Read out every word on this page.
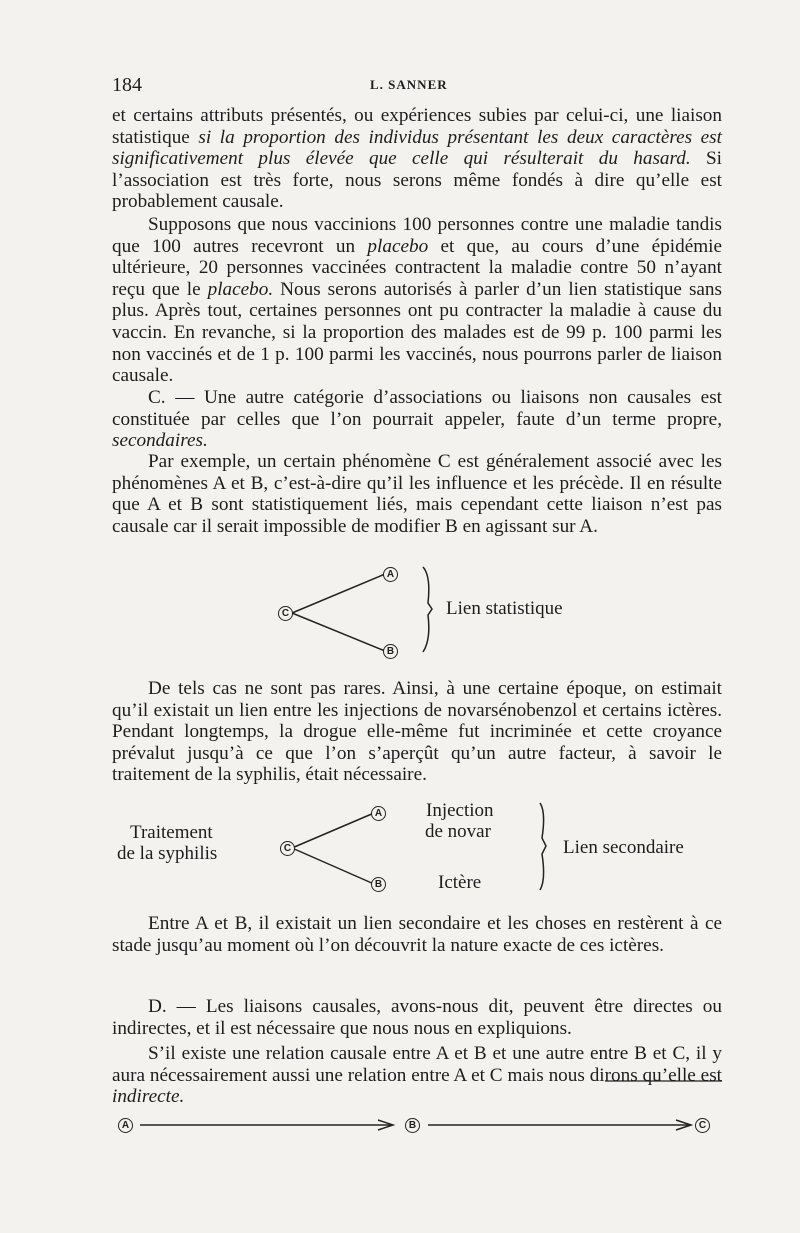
184	L. SANNER

et certains attributs présentés, ou expériences subies par celui-ci, une liaison statistique si la proportion des individus présentant les deux caractères est significativement plus élevée que celle qui résulterait du hasard. Si l’association est très forte, nous serons même fondés à dire qu’elle est probablement causale.

Supposons que nous vaccinions 100 personnes contre une maladie tandis que 100 autres recevront un placebo et que, au cours d’une épidémie ultérieure, 20 personnes vaccinées contractent la maladie contre 50 n’ayant reçu que le placebo. Nous serons autorisés à parler d’un lien statistique sans plus. Après tout, certaines personnes ont pu contracter la maladie à cause du vaccin. En revanche, si la proportion des malades est de 99 p. 100 parmi les non vaccinés et de 1 p. 100 parmi les vaccinés, nous pourrons parler de liaison causale.

C. — Une autre catégorie d’associations ou liaisons non causales est constituée par celles que l’on pourrait appeler, faute d’un terme propre, secondaires.

Par exemple, un certain phénomène C est généralement associé avec les phénomènes A et B, c’est-à-dire qu’il les influence et les précède. Il en résulte que A et B sont statistiquement liés, mais cependant cette liaison n’est pas causale car il serait impossible de modifier B en agissant sur A.

C
A
B
Lien statistique

De tels cas ne sont pas rares. Ainsi, à une certaine époque, on estimait qu’il existait un lien entre les injections de novarsénobenzol et certains ictères. Pendant longtemps, la drogue elle-même fut incriminée et cette croyance prévalut jusqu’à ce que l’on s’aperçût qu’un autre facteur, à savoir le traitement de la syphilis, était nécessaire.

Traitement
de la syphilis	C
A
B
Injection
de novar
Ictère
Lien secondaire

Entre A et B, il existait un lien secondaire et les choses en restèrent à ce stade jusqu’au moment où l’on découvrit la nature exacte de ces ictères.

D. — Les liaisons causales, avons-nous dit, peuvent être directes ou indirectes, et il est nécessaire que nous nous en expliquions.

S’il existe une relation causale entre A et B et une autre entre B et C, il y aura nécessairement aussi une relation entre A et C mais nous dirons qu’elle est indirecte.

A	B	C
